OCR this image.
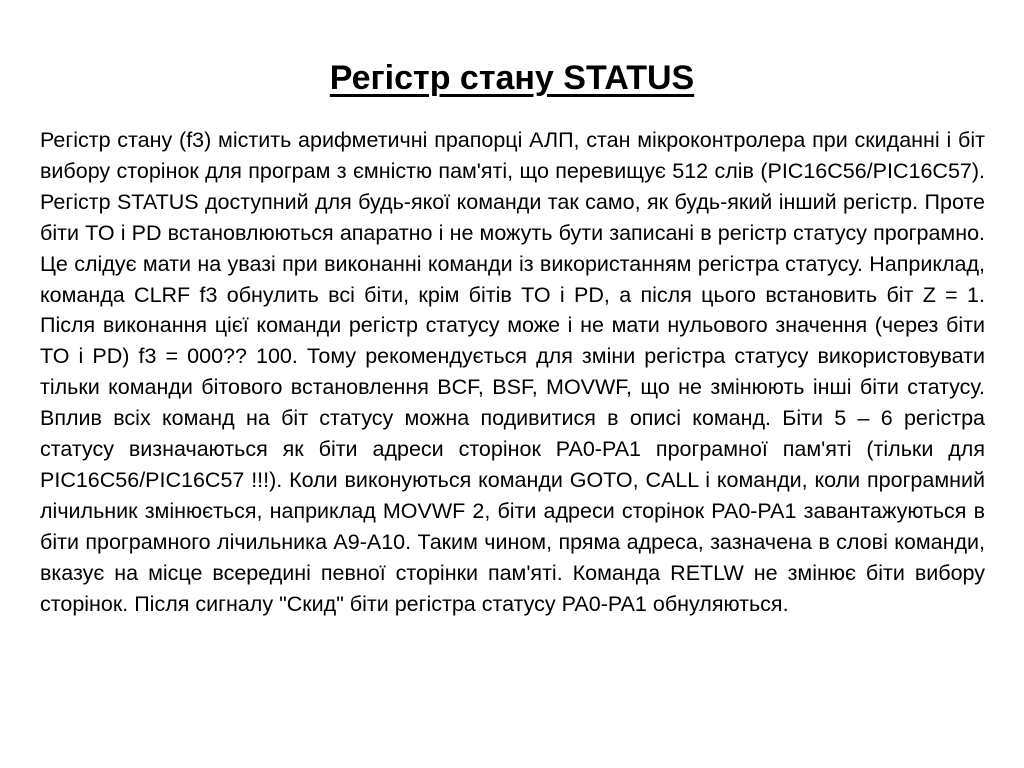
Регістр стану STATUS

Регістр стану (f3) містить арифметичні прапорці АЛП, стан мікроконтролера при скиданні і біт вибору сторінок для програм з ємністю пам'яті, що перевищує 512 слів (PIC16C56/PIC16C57). Регістр STATUS доступний для будь-якої команди так само, як будь-який інший регістр. Проте біти TO і PD встановлюються апаратно і не можуть бути записані в регістр статусу програмно. Це слідує мати на увазі при виконанні команди із використанням регістра статусу. Наприклад, команда CLRF f3 обнулить всі біти, крім бітів TO і PD, а після цього встановить біт Z = 1. Після виконання цієї команди регістр статусу може і не мати нульового значення (через біти TO і PD) f3 = 000?? 100. Тому рекомендується для зміни регістра статусу використовувати тільки команди бітового встановлення BCF, BSF, MOVWF, що не змінюють інші біти статусу. Вплив всіх команд на біт статусу можна подивитися в описі команд. Біти 5 – 6 регістра статусу визначаються як біти адреси сторінок PA0-PA1 програмної пам'яті (тільки для PIC16C56/PIC16C57 !!!). Коли виконуються команди GOTO, CALL і команди, коли програмний лічильник змінюється, наприклад MOVWF 2, біти адреси сторінок PA0-PA1 завантажуються в біти програмного лічильника A9-A10. Таким чином, пряма адреса, зазначена в слові команди, вказує на місце всередині певної сторінки пам'яті. Команда RETLW не змінює біти вибору сторінок. Після сигналу "Скид" біти регістра статусу PA0-PA1 обнуляються.
